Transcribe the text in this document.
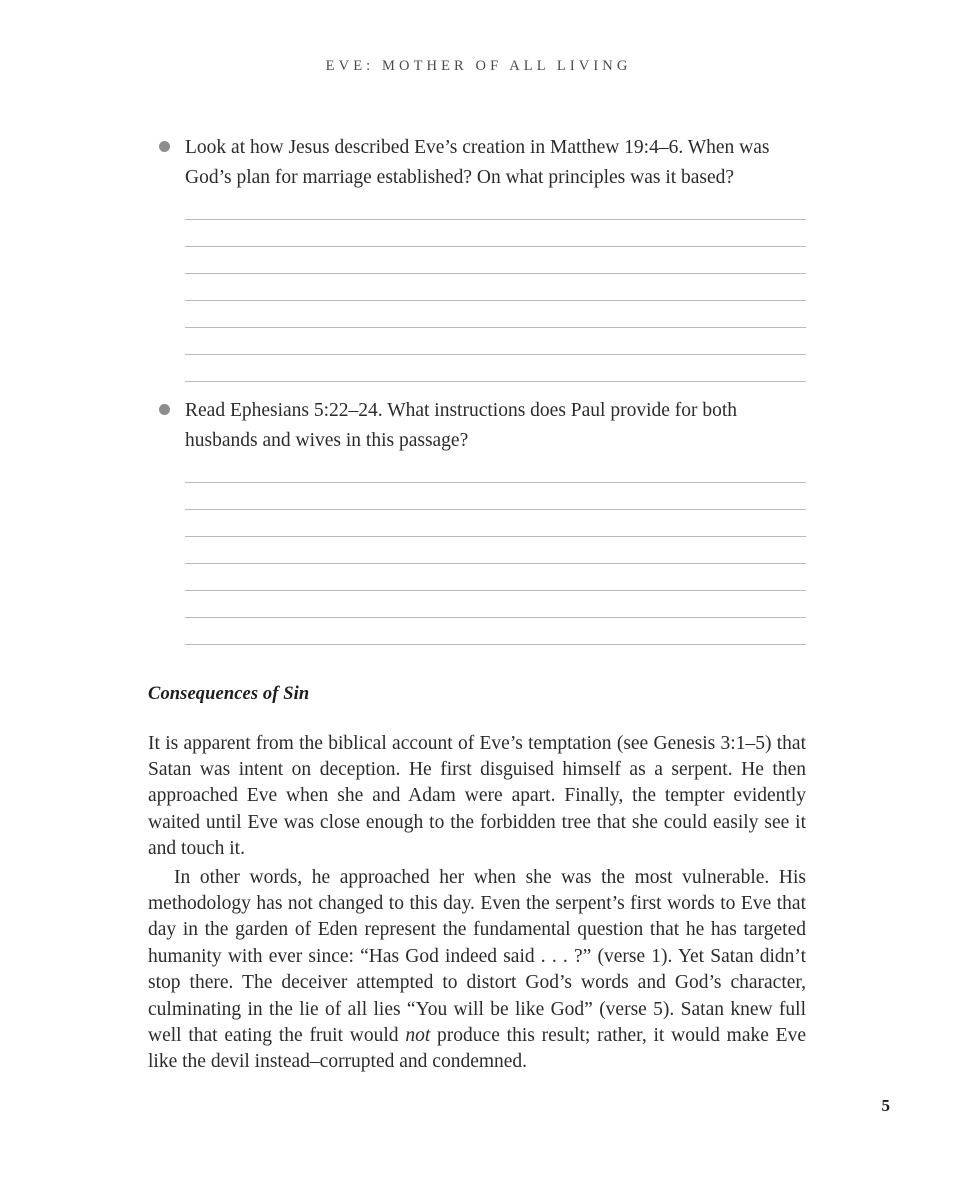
EVE: MOTHER OF ALL LIVING
Look at how Jesus described Eve’s creation in Matthew 19:4–6. When was God’s plan for marriage established? On what principles was it based?
Read Ephesians 5:22–24. What instructions does Paul provide for both husbands and wives in this passage?
Consequences of Sin

It is apparent from the biblical account of Eve’s temptation (see Genesis 3:1–5) that Satan was intent on deception. He first disguised himself as a serpent. He then approached Eve when she and Adam were apart. Finally, the tempter evidently waited until Eve was close enough to the forbidden tree that she could easily see it and touch it.

In other words, he approached her when she was the most vulnerable. His methodology has not changed to this day. Even the serpent’s first words to Eve that day in the garden of Eden represent the fundamental question that he has targeted humanity with ever since: “Has God indeed said . . . ?” (verse 1). Yet Satan didn’t stop there. The deceiver attempted to distort God’s words and God’s character, culminating in the lie of all lies “You will be like God” (verse 5). Satan knew full well that eating the fruit would not produce this result; rather, it would make Eve like the devil instead–corrupted and condemned.

5
